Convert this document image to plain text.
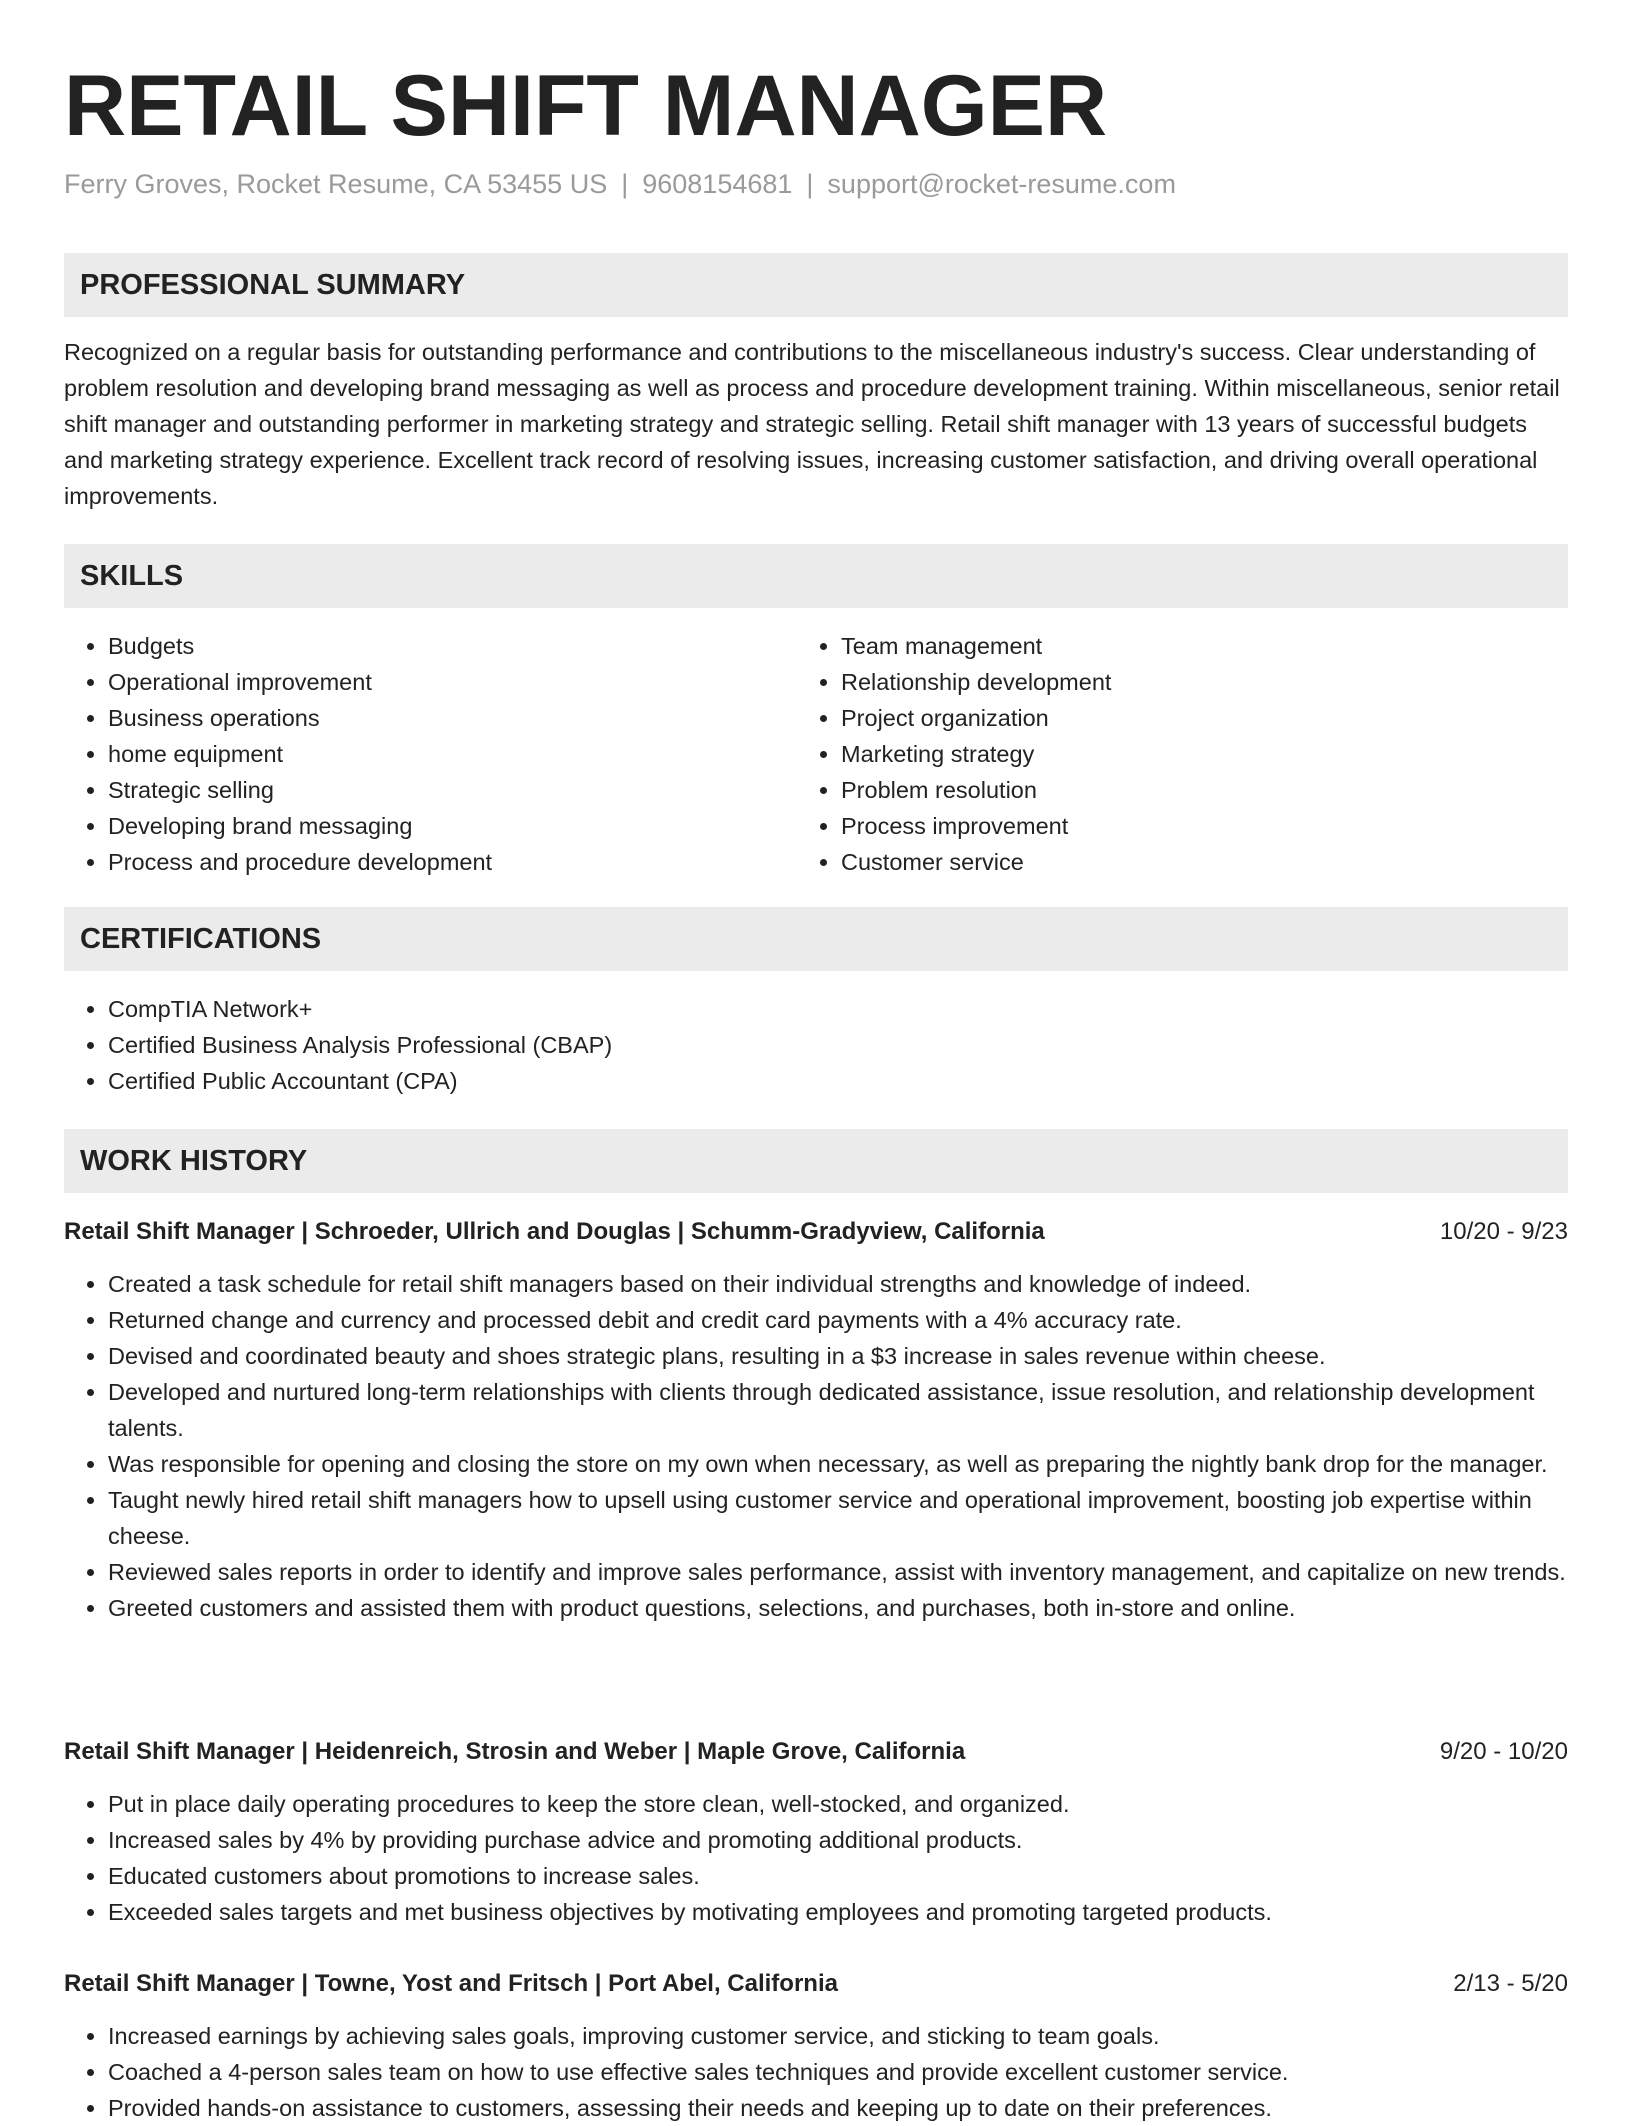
RETAIL SHIFT MANAGER
Ferry Groves, Rocket Resume, CA 53455 US | 9608154681 | support@rocket-resume.com
PROFESSIONAL SUMMARY

Recognized on a regular basis for outstanding performance and contributions to the miscellaneous industry's success. Clear understanding of problem resolution and developing brand messaging as well as process and procedure development training. Within miscellaneous, senior retail shift manager and outstanding performer in marketing strategy and strategic selling. Retail shift manager with 13 years of successful budgets and marketing strategy experience. Excellent track record of resolving issues, increasing customer satisfaction, and driving overall operational improvements.

SKILLS
• Budgets
• Operational improvement
• Business operations
• home equipment
• Strategic selling
• Developing brand messaging
• Process and procedure development
• Team management
• Relationship development
• Project organization
• Marketing strategy
• Problem resolution
• Process improvement
• Customer service
CERTIFICATIONS
• CompTIA Network+
• Certified Business Analysis Professional (CBAP)
• Certified Public Accountant (CPA)
WORK HISTORY
Retail Shift Manager | Schroeder, Ullrich and Douglas | Schumm-Gradyview, California	10/20 - 9/23
• Created a task schedule for retail shift managers based on their individual strengths and knowledge of indeed.
• Returned change and currency and processed debit and credit card payments with a 4% accuracy rate.
• Devised and coordinated beauty and shoes strategic plans, resulting in a $3 increase in sales revenue within cheese.
• Developed and nurtured long-term relationships with clients through dedicated assistance, issue resolution, and relationship development talents.
• Was responsible for opening and closing the store on my own when necessary, as well as preparing the nightly bank drop for the manager.
• Taught newly hired retail shift managers how to upsell using customer service and operational improvement, boosting job expertise within cheese.
• Reviewed sales reports in order to identify and improve sales performance, assist with inventory management, and capitalize on new trends.
• Greeted customers and assisted them with product questions, selections, and purchases, both in-store and online.
Retail Shift Manager | Heidenreich, Strosin and Weber | Maple Grove, California	9/20 - 10/20
• Put in place daily operating procedures to keep the store clean, well-stocked, and organized.
• Increased sales by 4% by providing purchase advice and promoting additional products.
• Educated customers about promotions to increase sales.
• Exceeded sales targets and met business objectives by motivating employees and promoting targeted products.
Retail Shift Manager | Towne, Yost and Fritsch | Port Abel, California	2/13 - 5/20
• Increased earnings by achieving sales goals, improving customer service, and sticking to team goals.
• Coached a 4-person sales team on how to use effective sales techniques and provide excellent customer service.
• Provided hands-on assistance to customers, assessing their needs and keeping up to date on their preferences.
